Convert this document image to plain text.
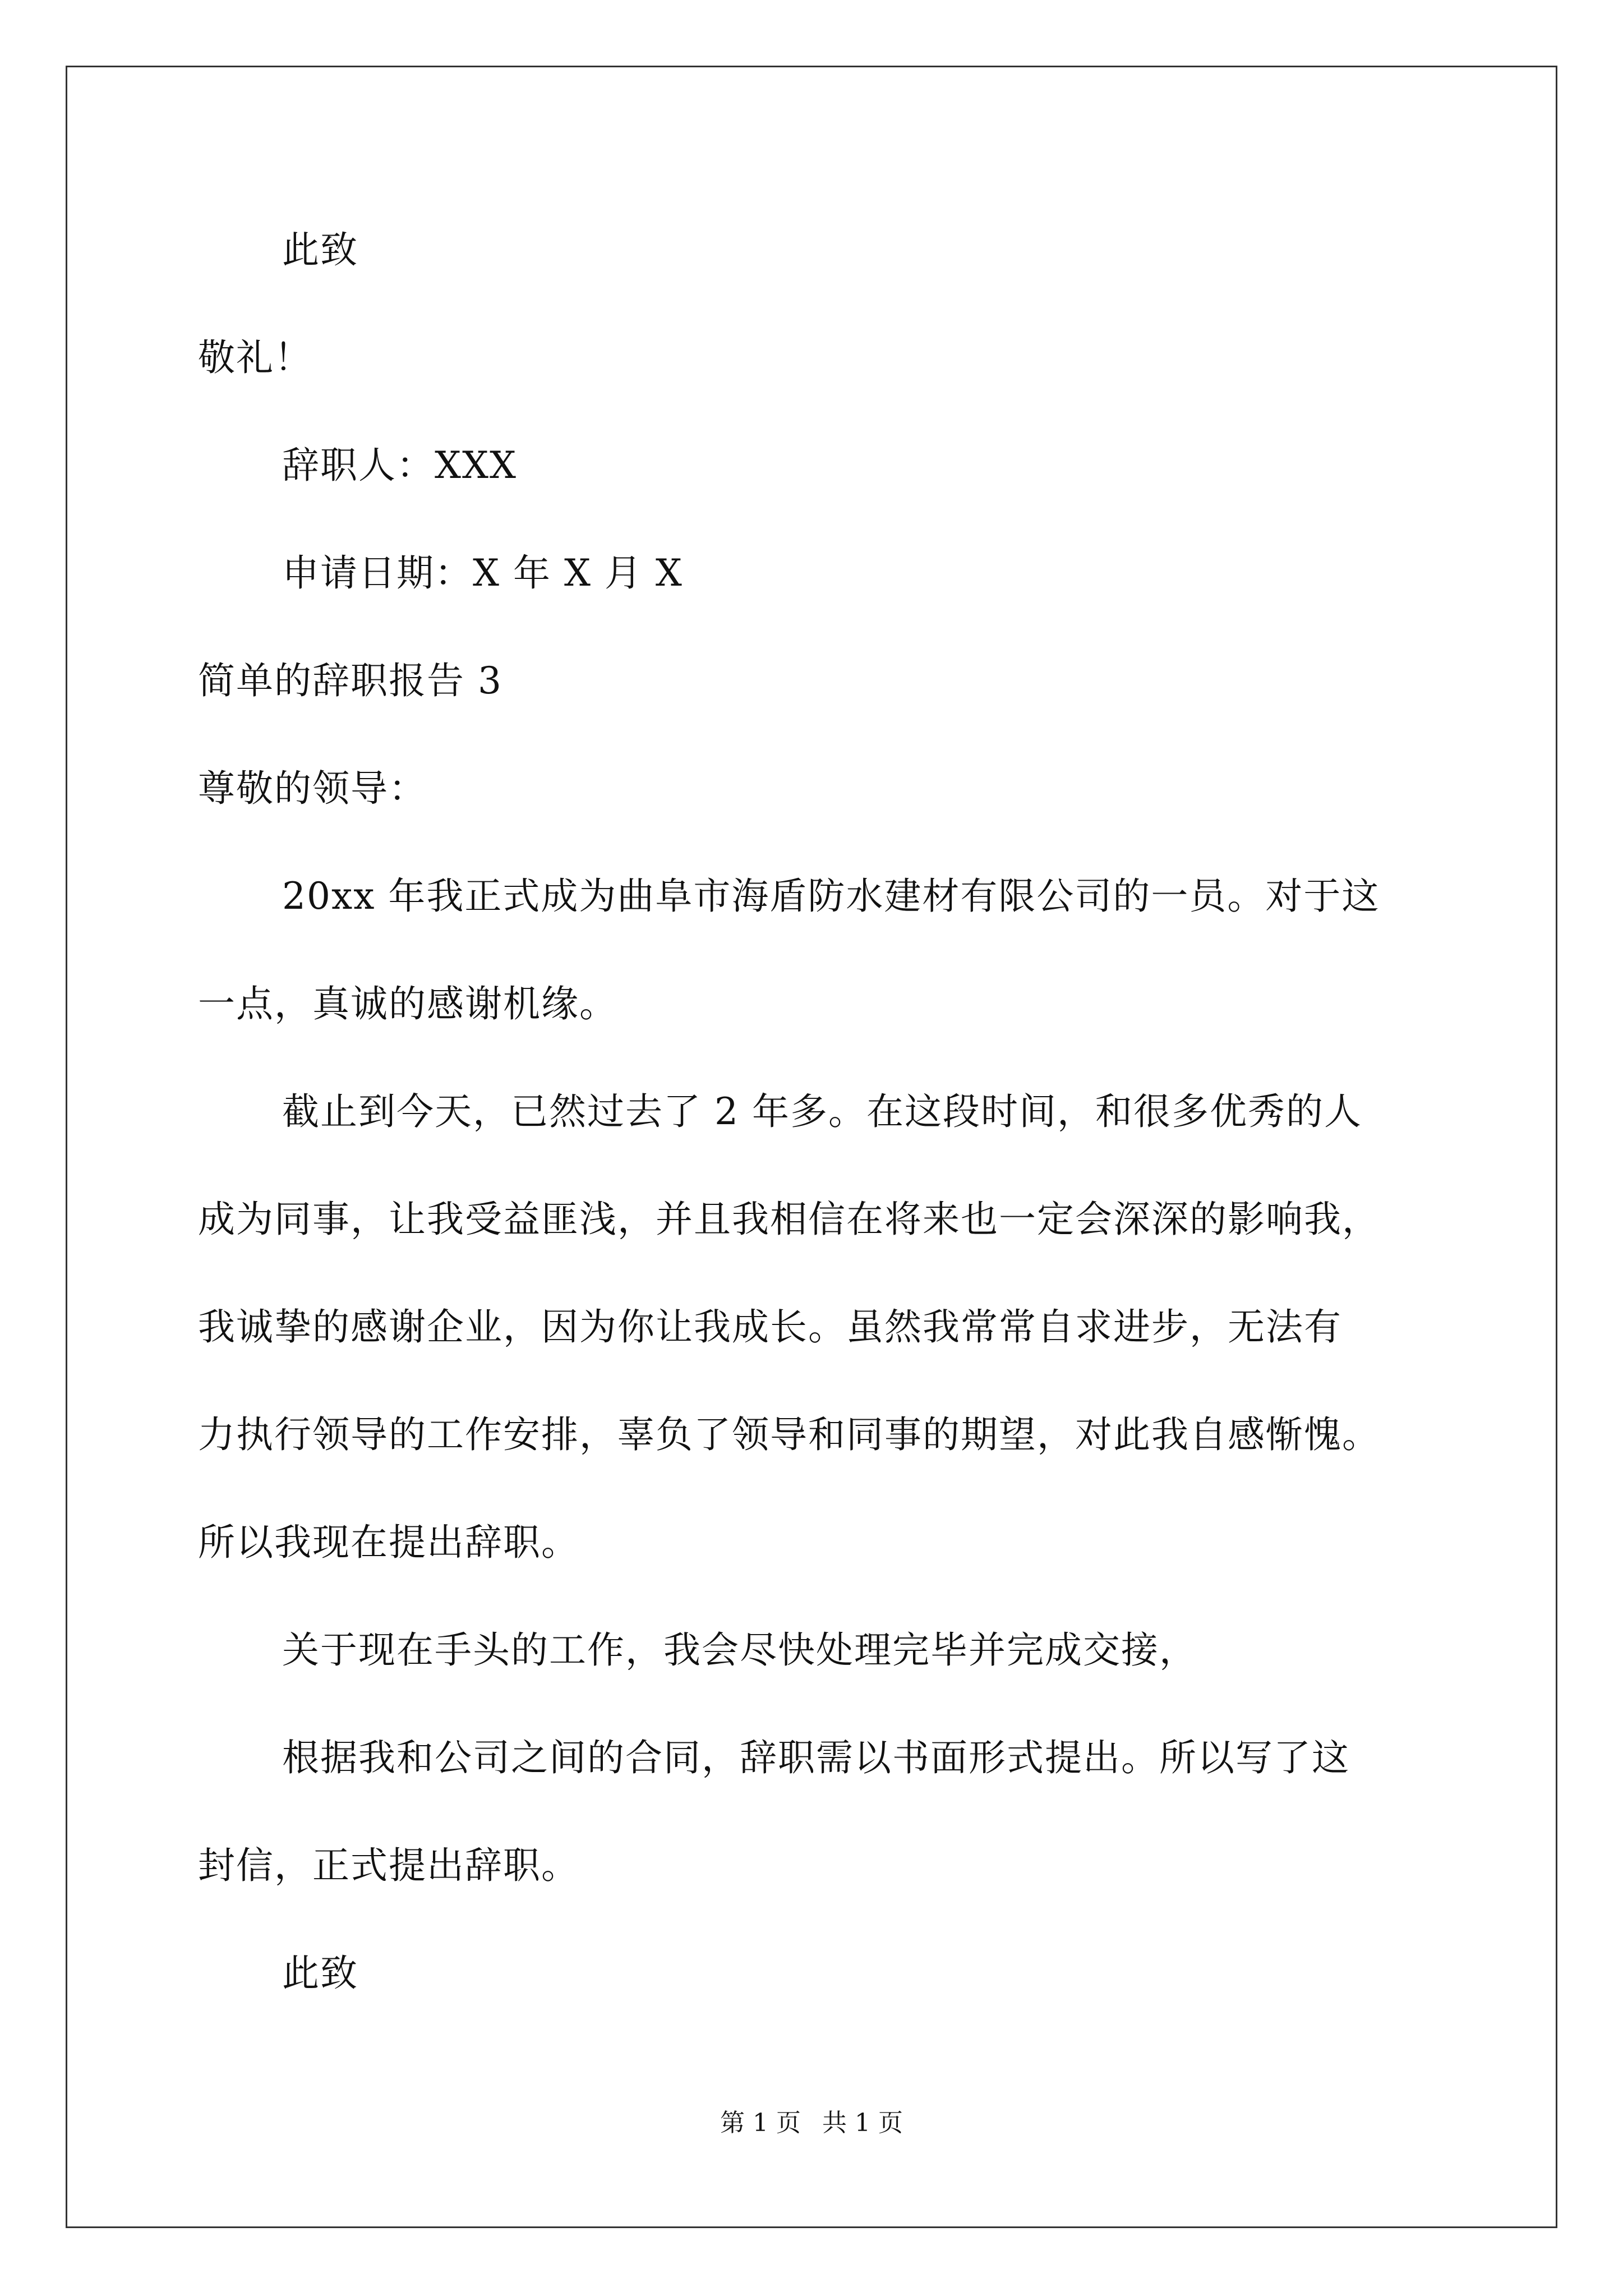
此致
敬礼！
辞职人：XXX
申请日期：X 年 X 月 X
简单的辞职报告 3
尊敬的领导：
20xx 年我正式成为曲阜市海盾防水建材有限公司的一员。对于这
一点，真诚的感谢机缘。
截止到今天，已然过去了 2 年多。在这段时间，和很多优秀的人
成为同事，让我受益匪浅，并且我相信在将来也一定会深深的影响我，
我诚挚的感谢企业，因为你让我成长。虽然我常常自求进步，无法有
力执行领导的工作安排，辜负了领导和同事的期望，对此我自感惭愧。
所以我现在提出辞职。
关于现在手头的工作，我会尽快处理完毕并完成交接，
根据我和公司之间的合同，辞职需以书面形式提出。所以写了这
封信，正式提出辞职。
此致
第 1 页 共 1 页
